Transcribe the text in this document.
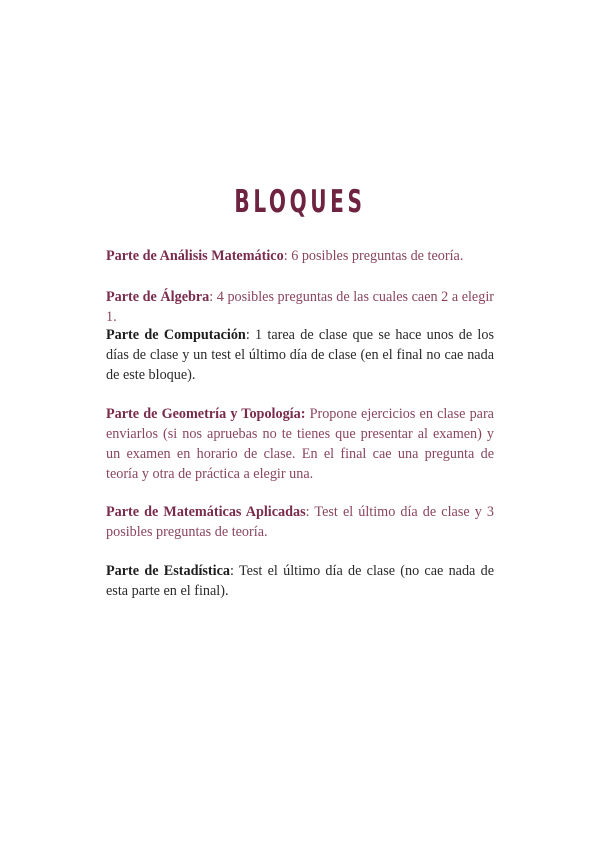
BLOQUES

Parte de Análisis Matemático: 6 posibles preguntas de teoría.

Parte de Álgebra: 4 posibles preguntas de las cuales caen 2 a elegir 1.

Parte de Computación: 1 tarea de clase que se hace unos de los días de clase y un test el último día de clase (en el final no cae nada de este bloque).

Parte de Geometría y Topología: Propone ejercicios en clase para enviarlos (si nos apruebas no te tienes que presentar al examen) y un examen en horario de clase. En el final cae una pregunta de teoría y otra de práctica a elegir una.

Parte de Matemáticas Aplicadas: Test el último día de clase y 3 posibles preguntas de teoría.

Parte de Estadística: Test el último día de clase (no cae nada de esta parte en el final).
